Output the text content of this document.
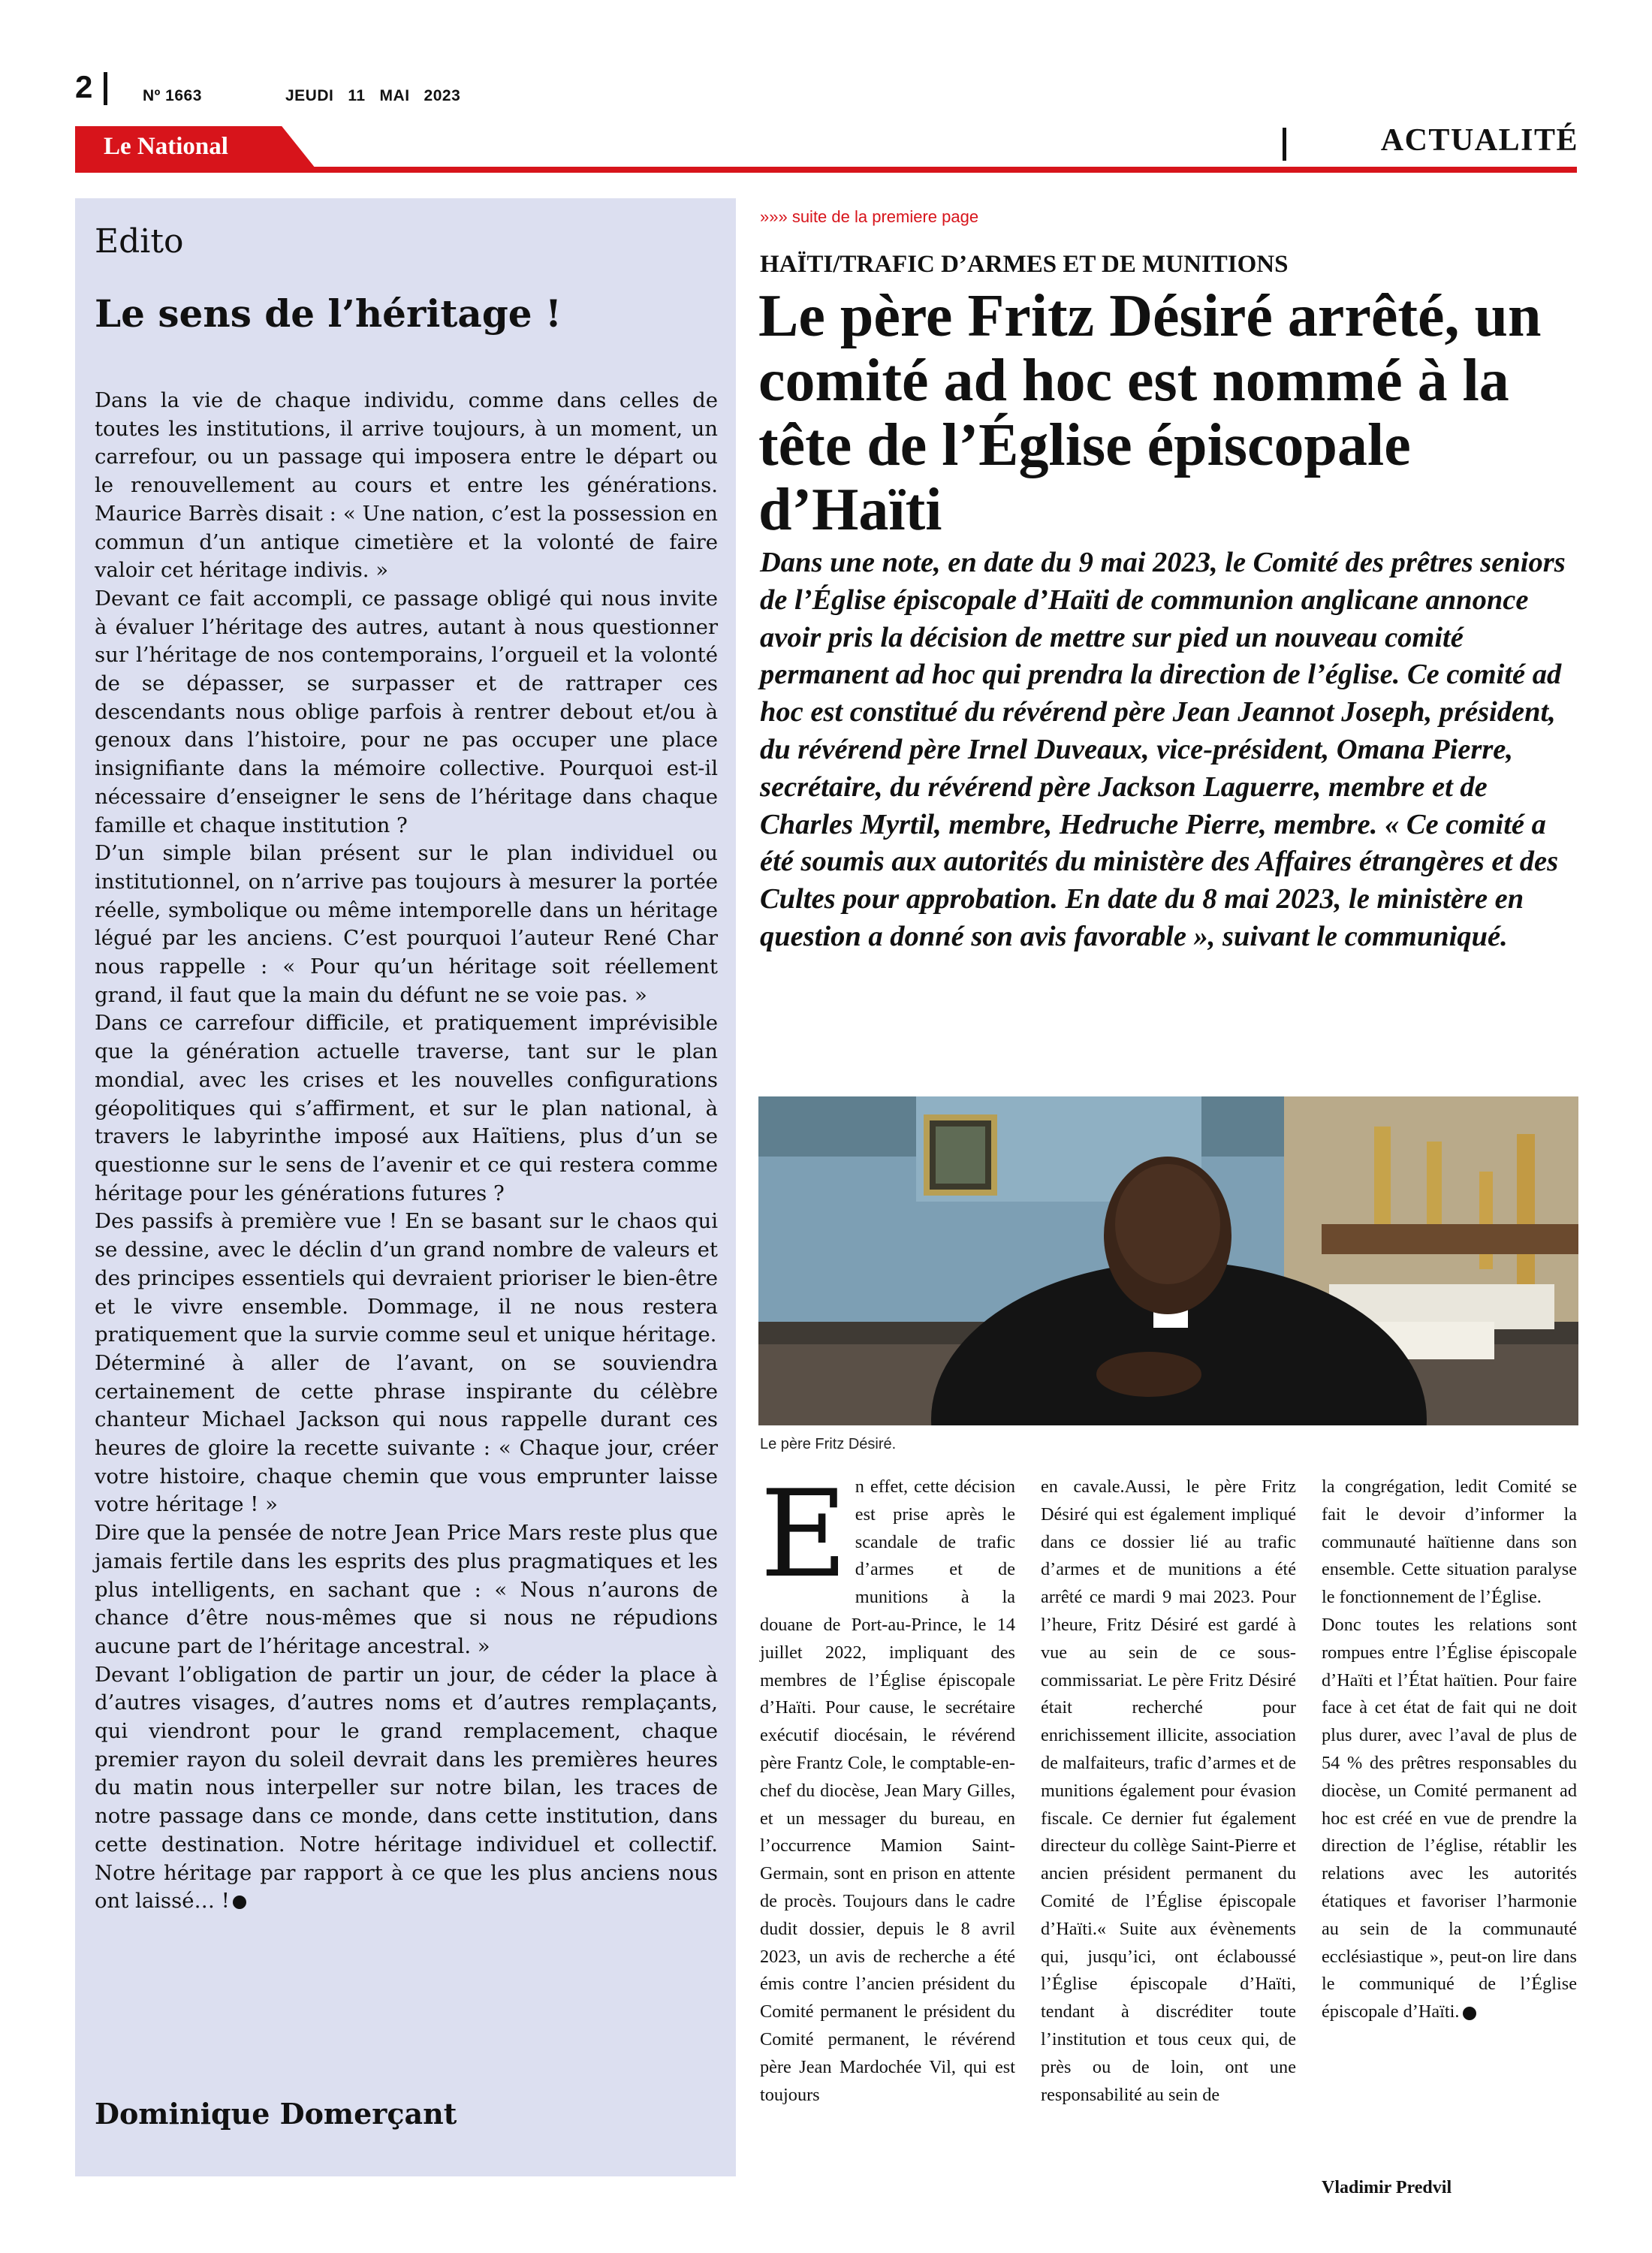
2	Nº 1663	JEUDI   11   MAI   2023
Le National	ACTUALITÉ
Edito
Le sens de l’héritage !

Dans la vie de chaque individu, comme dans celles de toutes les institutions, il arrive toujours, à un moment, un carrefour, ou un passage qui imposera entre le départ ou le renouvellement au cours et entre les générations. Maurice Barrès disait : « Une nation, c’est la possession en commun d’un antique cimetière et la volonté de faire valoir cet héritage indivis. »

Devant ce fait accompli, ce passage obligé qui nous invite à évaluer l’héritage des autres, autant à nous questionner sur l’héritage de nos contemporains, l’orgueil et la volonté de se dépasser, se surpasser et de rattraper ces descendants nous oblige parfois à rentrer debout et/ou à genoux dans l’histoire, pour ne pas occuper une place insignifiante dans la mémoire collective. Pourquoi est-il nécessaire d’enseigner le sens de l’héritage dans chaque famille et chaque institution ?

D’un simple bilan présent sur le plan individuel ou institutionnel, on n’arrive pas toujours à mesurer la portée réelle, symbolique ou même intemporelle dans un héritage légué par les anciens. C’est pourquoi l’auteur René Char nous rappelle : « Pour qu’un héritage soit réellement grand, il faut que la main du défunt ne se voie pas. »

Dans ce carrefour difficile, et pratiquement imprévisible que la génération actuelle traverse, tant sur le plan mondial, avec les crises et les nouvelles configurations géopolitiques qui s’affirment, et sur le plan national, à travers le labyrinthe imposé aux Haïtiens, plus d’un se questionne sur le sens de l’avenir et ce qui restera comme héritage pour les générations futures ?

Des passifs à première vue ! En se basant sur le chaos qui se dessine, avec le déclin d’un grand nombre de valeurs et des principes essentiels qui devraient prioriser le bien-être et le vivre ensemble. Dommage, il ne nous restera pratiquement que la survie comme seul et unique héritage.

Déterminé à aller de l’avant, on se souviendra certainement de cette phrase inspirante du célèbre chanteur Michael Jackson qui nous rappelle durant ces heures de gloire la recette suivante : « Chaque jour, créer votre histoire, chaque chemin que vous emprunter laisse votre héritage ! »

Dire que la pensée de notre Jean Price Mars reste plus que jamais fertile dans les esprits des plus pragmatiques et les plus intelligents, en sachant que : « Nous n’aurons de chance d’être nous-mêmes que si nous ne répudions aucune part de l’héritage ancestral. »

Devant l’obligation de partir un jour, de céder la place à d’autres visages, d’autres noms et d’autres remplaçants, qui viendront pour le grand remplacement, chaque premier rayon du soleil devrait dans les premières heures du matin nous interpeller sur notre bilan, les traces de notre passage dans ce monde, dans cette institution, dans cette destination. Notre héritage individuel et collectif. Notre héritage par rapport à ce que les plus anciens nous ont laissé… !

Dominique Domerçant
»»» suite de la premiere page
HAÏTI/TRAFIC D’ARMES ET DE MUNITIONS
Le père Fritz Désiré arrêté, un comité ad hoc est nommé à la tête de l’Église épiscopale d’Haïti
Dans une note, en date du 9 mai 2023, le Comité des prêtres seniors de l’Église épiscopale d’Haïti de communion anglicane annonce avoir pris la décision de mettre sur pied un nouveau comité permanent ad hoc qui prendra la direction de l’église. Ce comité ad hoc est constitué du révérend père Jean Jeannot Joseph, président, du révérend père Irnel Duveaux, vice-président, Omana Pierre, secrétaire, du révérend père Jackson Laguerre, membre et de Charles Myrtil, membre, Hedruche Pierre, membre. « Ce comité a été soumis aux autorités du ministère des Affaires étrangères et des Cultes pour approbation. En date du 8 mai 2023, le ministère en question a donné son avis favorable », suivant le communiqué.
Le père Fritz Désiré.
E n effet, cette décision est prise après le scandale de trafic d’armes et de munitions à la douane de Port-au-Prince, le 14 juillet 2022, impliquant des membres de l’Église épiscopale d’Haïti. Pour cause, le secrétaire exécutif diocésain, le révérend père Frantz Cole, le comptable-en-chef du diocèse, Jean Mary Gilles, et un messager du bureau, en l’occurrence Mamion Saint-Germain, sont en prison en attente de procès. Toujours dans le cadre dudit dossier, depuis le 8 avril 2023, un avis de recherche a été émis contre l’ancien président du Comité permanent le président du Comité permanent, le révérend père Jean Mardochée Vil, qui est toujours

en cavale.Aussi, le père Fritz Désiré qui est également impliqué dans ce dossier lié au trafic d’armes et de munitions a été arrêté ce mardi 9 mai 2023. Pour l’heure, Fritz Désiré est gardé à vue au sein de ce sous-commissariat. Le père Fritz Désiré était recherché pour enrichissement illicite, association de malfaiteurs, trafic d’armes et de munitions également pour évasion fiscale. Ce dernier fut également directeur du collège Saint-Pierre et ancien président permanent du Comité de l’Église épiscopale d’Haïti.« Suite aux évènements qui, jusqu’ici, ont éclaboussé l’Église épiscopale d’Haïti, tendant à discréditer toute l’institution et tous ceux qui, de près ou de loin, ont une responsabilité au sein de

la congrégation, ledit Comité se fait le devoir d’informer la communauté haïtienne dans son ensemble. Cette situation paralyse le fonctionnement de l’Église.

Donc toutes les relations sont rompues entre l’Église épiscopale d’Haïti et l’État haïtien. Pour faire face à cet état de fait qui ne doit plus durer, avec l’aval de plus de 54 % des prêtres responsables du diocèse, un Comité permanent ad hoc est créé en vue de prendre la direction de l’église, rétablir les relations avec les autorités étatiques et favoriser l’harmonie au sein de la communauté ecclésiastique », peut-on lire dans le communiqué de l’Église épiscopale d’Haïti.

Vladimir Predvil
